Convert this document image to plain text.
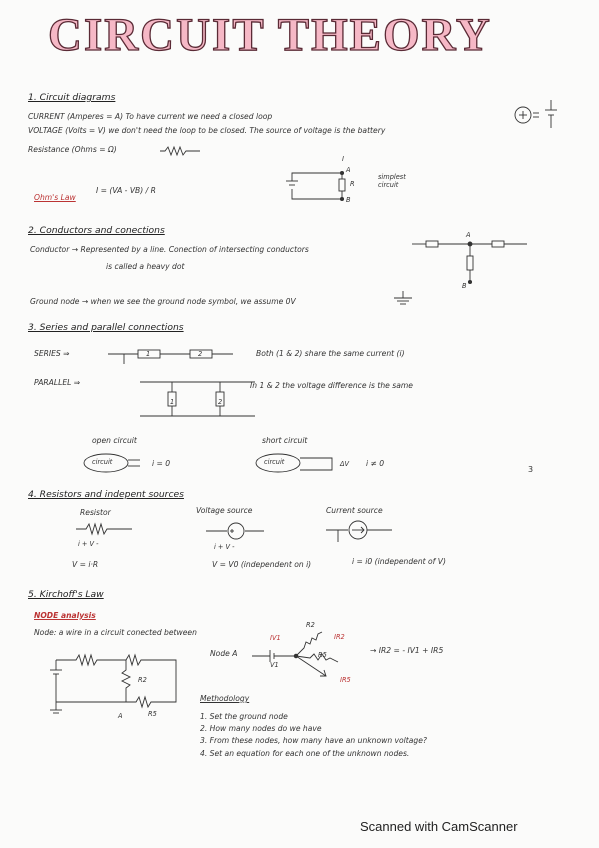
CIRCUIT THEORY
1. Circuit diagrams
CURRENT (Amperes = A) To have current we need a closed loop
VOLTAGE (Volts = V) we don't need the loop to be closed. The source of voltage is the battery
Resistance (Ohms = Ω)
Ohm's Law
I = (VA - VB) / R
I
A
R
B
simplest circuit
2. Conductors and conections
Conductor → Represented by a line. Conection of intersecting conductors
is called a heavy dot
A
B
Ground node → when we see the ground node symbol, we assume 0V
3. Series and parallel connections
SERIES ⇒	1	2	Both (1 & 2) share the same current (i)
PARALLEL ⇒
1	2
In 1 & 2 the voltage difference is the same
open circuit
circuit	i = 0
short circuit
circuit	ΔV i ≠ 0
3
4. Resistors and indepent sources
Resistor
i + V -
V = i·R
Voltage source
i + V -
V = V0 (independent on i)
Current source
i = i0 (independent of V)
5. Kirchoff's Law
NODE analysis
Node: a wire in a circuit conected between
R2
R5
A
Node A
IV1
V1
R2
IR2
R5
IR5
→ IR2 = - IV1 + IR5
Methodology
1. Set the ground node
2. How many nodes do we have
3. From these nodes, how many have an unknown voltage?
4. Set an equation for each one of the unknown nodes.
Scanned with CamScanner
